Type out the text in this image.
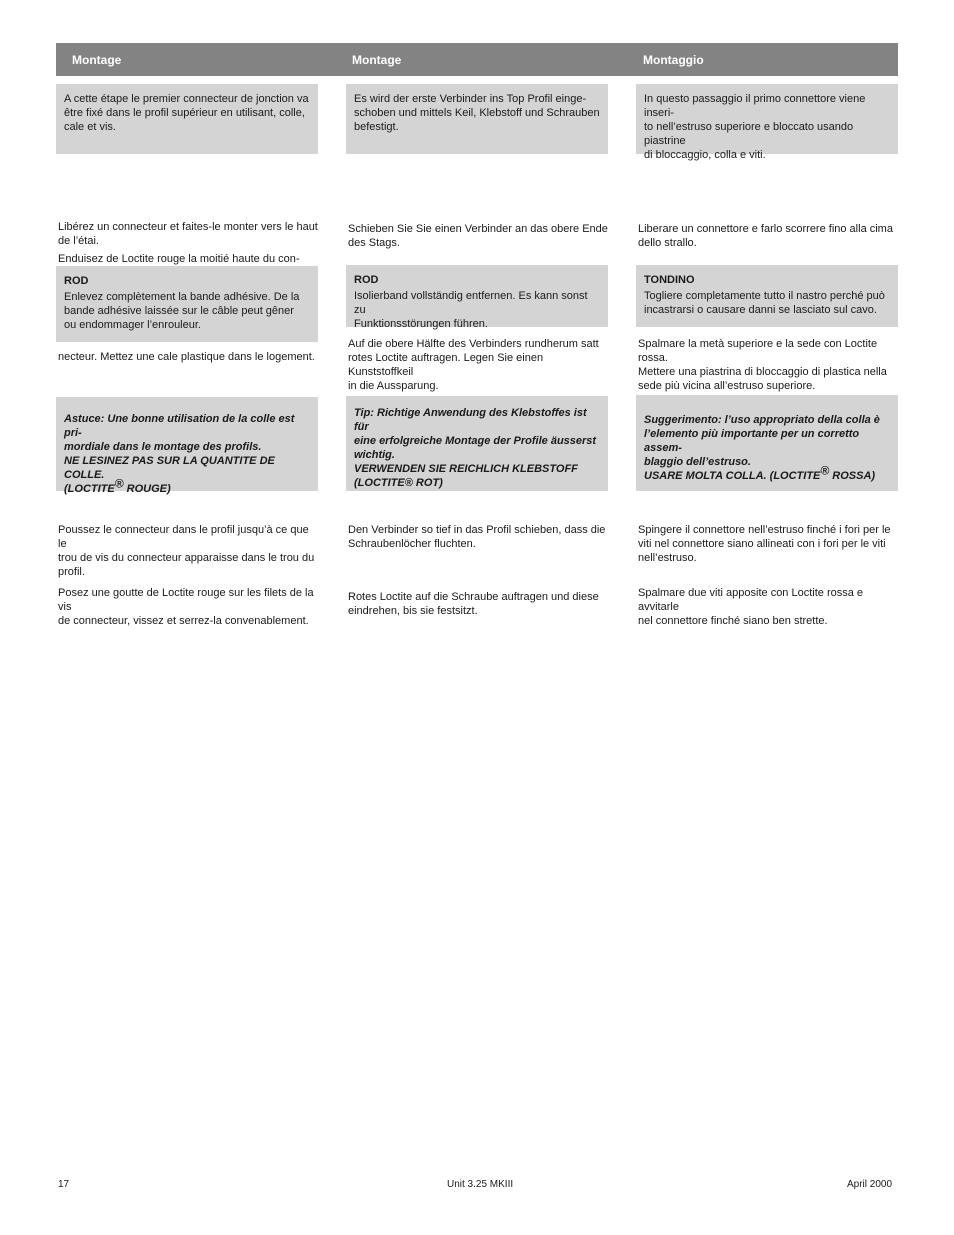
Montage	Montage	Montaggio
A cette étape le premier connecteur de jonction va
être fixé dans le profil supérieur en utilisant, colle,
cale et vis.
Es wird der erste Verbinder ins Top Profil einge-
schoben und mittels Keil, Klebstoff und Schrauben
befestigt.
In questo passaggio il primo connettore viene inseri-
to nell’estruso superiore e bloccato usando piastrine
di bloccaggio, colla e viti.
Libérez un connecteur et faites-le monter vers le haut
de l’étai.
Schieben Sie Sie einen Verbinder an das obere Ende
des Stags.
Liberare un connettore e farlo scorrere fino alla cima
dello strallo.
Enduisez de Loctite rouge la moitié haute du con-
ROD
Enlevez complètement la bande adhésive. De la
bande adhésive laissée sur le câble peut gêner
ou endommager l’enrouleur.
ROD
Isolierband vollständig entfernen. Es kann sonst zu
Funktionsstörungen führen.
TONDINO
Togliere completamente tutto il nastro perché può
incastrarsi o causare danni se lasciato sul cavo.
necteur. Mettez une cale plastique dans le logement.
Auf die obere Hälfte des Verbinders rundherum satt
rotes Loctite auftragen. Legen Sie einen Kunststoffkeil
in die Aussparung.
Spalmare la metà superiore e la sede con Loctite rossa.
Mettere una piastrina di bloccaggio di plastica nella
sede più vicina all’estruso superiore.
Astuce: Une bonne utilisation de la colle est pri-
mordiale dans le montage des profils.
NE LESINEZ PAS SUR LA QUANTITE DE COLLE.
(LOCTITE® ROUGE)
Tip: Richtige Anwendung des Klebstoffes ist für
eine erfolgreiche Montage der Profile äusserst
wichtig.
VERWENDEN SIE REICHLICH KLEBSTOFF
(LOCTITE® ROT)
Suggerimento: l’uso appropriato della colla è
l’elemento più importante per un corretto assem-
blaggio dell’estruso.
USARE MOLTA COLLA. (LOCTITE® ROSSA)
Poussez le connecteur dans le profil jusqu’à ce que le
trou de vis du connecteur apparaisse dans le trou du
profil.
Den Verbinder so tief in das Profil schieben, dass die
Schraubenlöcher fluchten.
Spingere il connettore nell’estruso finché i fori per le
viti nel connettore siano allineati con i fori per le viti
nell’estruso.
Posez une goutte de Loctite rouge sur les filets de la vis
de connecteur, vissez et serrez-la convenablement.
Rotes Loctite auf die Schraube auftragen und diese
eindrehen, bis sie festsitzt.
Spalmare due viti apposite con Loctite rossa e avvitarle
nel connettore finché siano ben strette.
17	Unit 3.25 MKIII	April 2000
